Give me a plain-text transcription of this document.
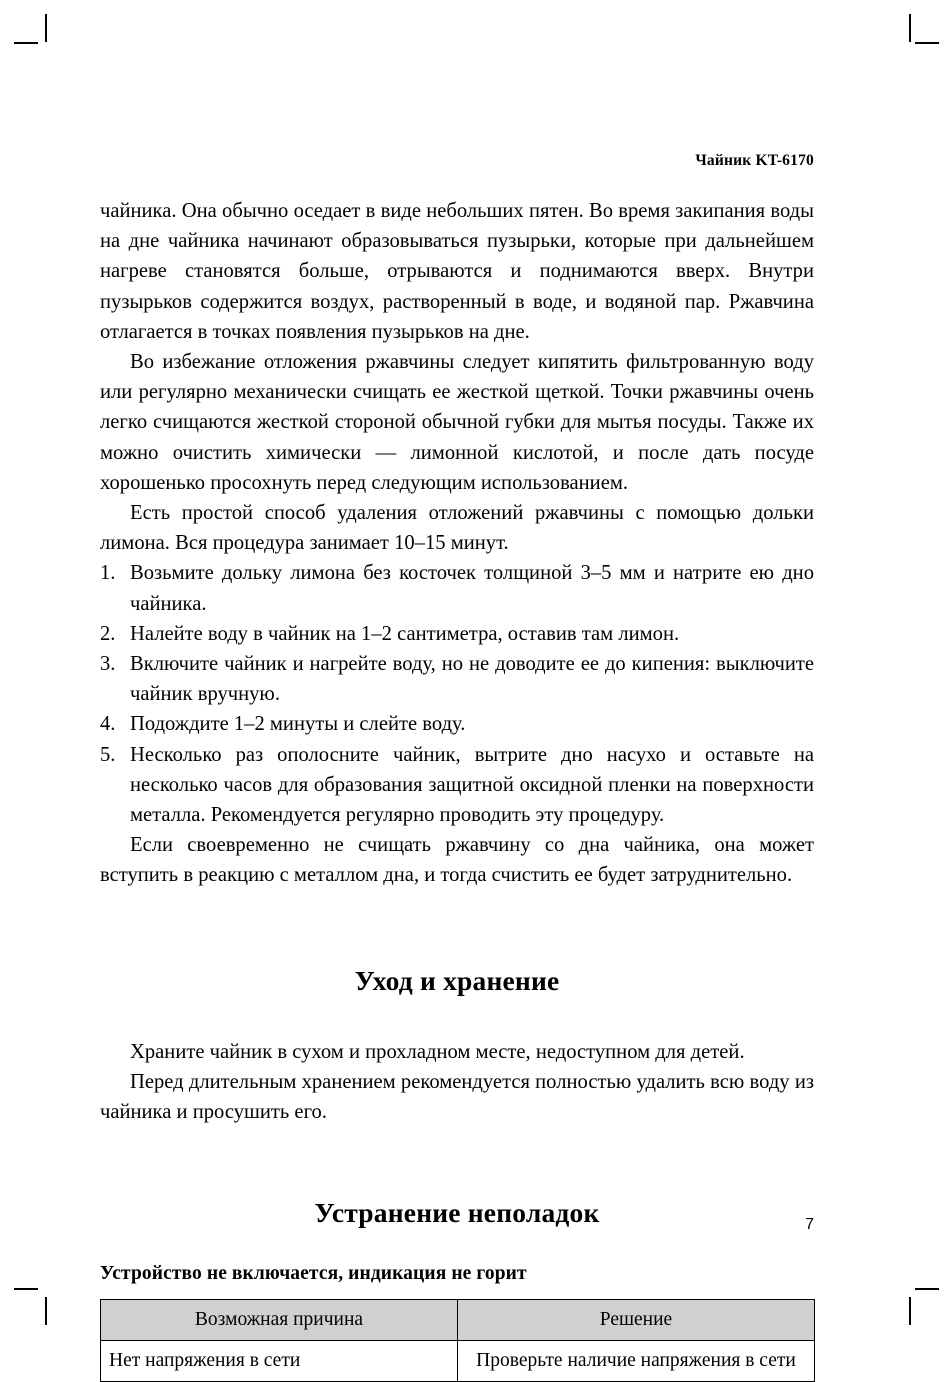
Чайник KT-6170

чайника. Она обычно оседает в виде небольших пятен. Во время закипания воды на дне чайника начинают образовываться пузырьки, которые при дальнейшем нагреве становятся больше, отрываются и поднимаются вверх. Внутри пузырьков содержится воздух, растворенный в воде, и водяной пар. Ржавчина отлагается в точках появления пузырьков на дне.

Во избежание отложения ржавчины следует кипятить фильтрованную воду или регулярно механически счищать ее жесткой щеткой. Точки ржавчины очень легко счищаются жесткой стороной обычной губки для мытья посуды. Также их можно очистить химически — лимонной кислотой, и после дать посуде хорошенько просохнуть перед следующим использованием.

Есть простой способ удаления отложений ржавчины с помощью дольки лимона. Вся процедура занимает 10–15 минут.

1. Возьмите дольку лимона без косточек толщиной 3–5 мм и натрите ею дно чайника.
2. Налейте воду в чайник на 1–2 сантиметра, оставив там лимон.
3. Включите чайник и нагрейте воду, но не доводите ее до кипения: выключите чайник вручную.
4. Подождите 1–2 минуты и слейте воду.
5. Несколько раз ополосните чайник, вытрите дно насухо и оставьте на несколько часов для образования защитной оксидной пленки на поверхности металла. Рекомендуется регулярно проводить эту процедуру.

Если своевременно не счищать ржавчину со дна чайника, она может вступить в реакцию с металлом дна, и тогда счистить ее будет затруднительно.

Уход и хранение

Храните чайник в сухом и прохладном месте, недоступном для детей.

Перед длительным хранением рекомендуется полностью удалить всю воду из чайника и просушить его.

Устранение неполадок
Устройство не включается, индикация не горит
Возможная причина	Решение
Нет напряжения в сети	Проверьте наличие напряжения в сети
7
